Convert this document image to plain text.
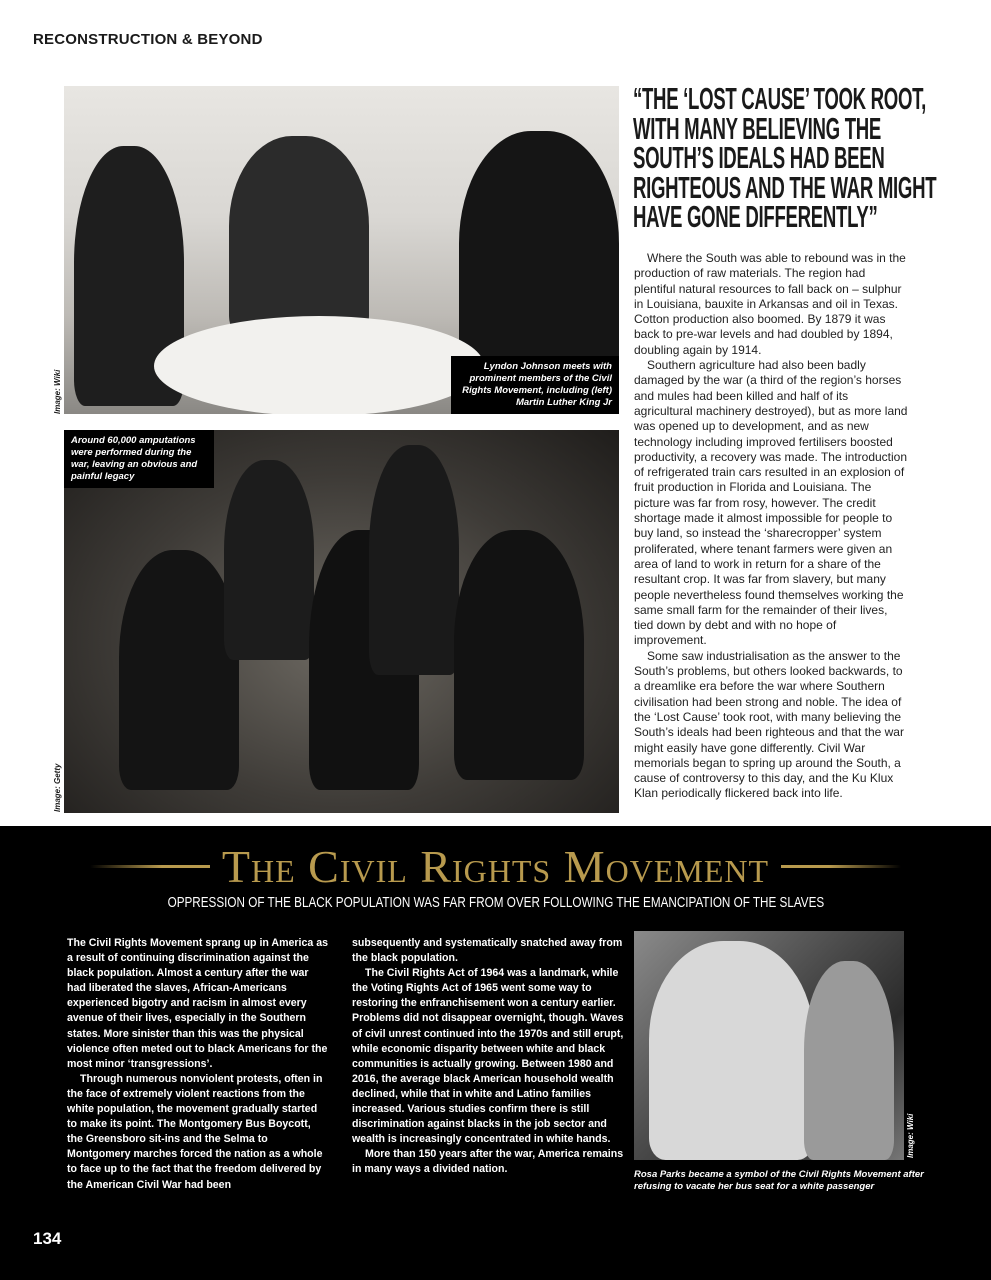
RECONSTRUCTION & BEYOND
Lyndon Johnson meets with prominent members of the Civil Rights Movement, including (left) Martin Luther King Jr
Image: Wiki
Around 60,000 amputations were performed during the war, leaving an obvious and painful legacy
Image: Getty
“THE ‘LOST CAUSE’ TOOK ROOT,
WITH MANY BELIEVING THE
SOUTH’S IDEALS HAD BEEN
RIGHTEOUS AND THE WAR MIGHT
HAVE GONE DIFFERENTLY”

Where the South was able to rebound was in the production of raw materials. The region had plentiful natural resources to fall back on – sulphur in Louisiana, bauxite in Arkansas and oil in Texas. Cotton production also boomed. By 1879 it was back to pre-war levels and had doubled by 1894, doubling again by 1914.

Southern agriculture had also been badly damaged by the war (a third of the region’s horses and mules had been killed and half of its agricultural machinery destroyed), but as more land was opened up to development, and as new technology including improved fertilisers boosted productivity, a recovery was made. The introduction of refrigerated train cars resulted in an explosion of fruit production in Florida and Louisiana. The picture was far from rosy, however. The credit shortage made it almost impossible for people to buy land, so instead the ‘sharecropper’ system proliferated, where tenant farmers were given an area of land to work in return for a share of the resultant crop. It was far from slavery, but many people nevertheless found themselves working the same small farm for the remainder of their lives, tied down by debt and with no hope of improvement.

Some saw industrialisation as the answer to the South’s problems, but others looked backwards, to a dreamlike era before the war where Southern civilisation had been strong and noble. The idea of the ‘Lost Cause’ took root, with many believing the South’s ideals had been righteous and that the war might easily have gone differently. Civil War memorials began to spring up around the South, a cause of controversy to this day, and the Ku Klux Klan periodically flickered back into life.

The Civil Rights Movement
OPPRESSION OF THE BLACK POPULATION WAS FAR FROM OVER FOLLOWING THE EMANCIPATION OF THE SLAVES

The Civil Rights Movement sprang up in America as a result of continuing discrimination against the black population. Almost a century after the war had liberated the slaves, African-Americans experienced bigotry and racism in almost every avenue of their lives, especially in the Southern states. More sinister than this was the physical violence often meted out to black Americans for the most minor ‘transgressions’.

Through numerous nonviolent protests, often in the face of extremely violent reactions from the white population, the movement gradually started to make its point. The Montgomery Bus Boycott, the Greensboro sit-ins and the Selma to Montgomery marches forced the nation as a whole to face up to the fact that the freedom delivered by the American Civil War had been

subsequently and systematically snatched away from the black population.

The Civil Rights Act of 1964 was a landmark, while the Voting Rights Act of 1965 went some way to restoring the enfranchisement won a century earlier. Problems did not disappear overnight, though. Waves of civil unrest continued into the 1970s and still erupt, while economic disparity between white and black communities is actually growing. Between 1980 and 2016, the average black American household wealth declined, while that in white and Latino families increased. Various studies confirm there is still discrimination against blacks in the job sector and wealth is increasingly concentrated in white hands.

More than 150 years after the war, America remains in many ways a divided nation.

Image: Wiki
Rosa Parks became a symbol of the Civil Rights Movement after refusing to vacate her bus seat for a white passenger
134
